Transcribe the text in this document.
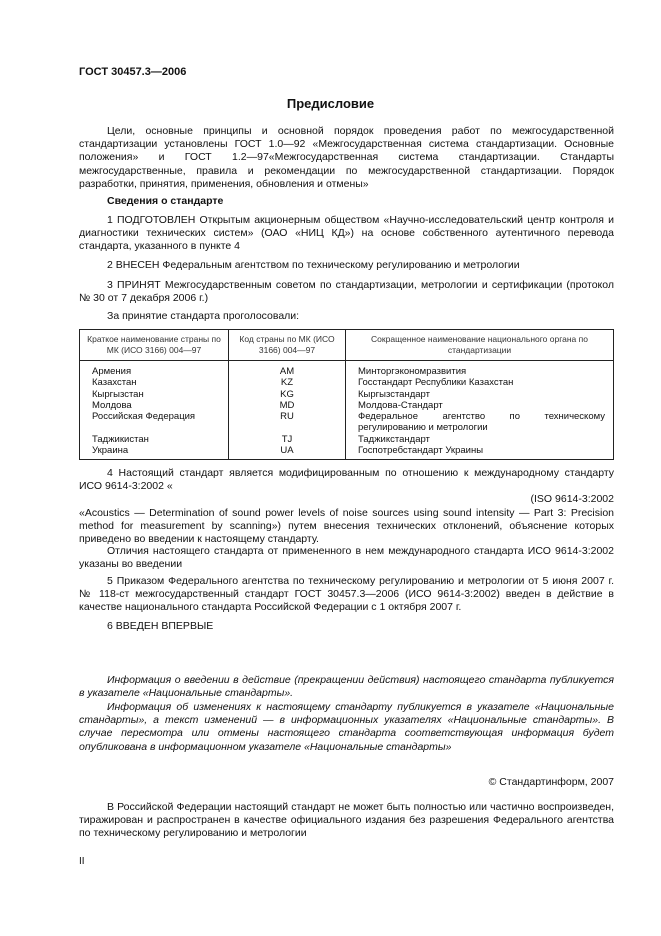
ГОСТ 30457.3—2006
Предисловие
Цели, основные принципы и основной порядок проведения работ по межгосударственной стандартизации установлены ГОСТ 1.0—92 «Межгосударственная система стандартизации. Основные положения» и ГОСТ 1.2—97«Межгосударственная система стандартизации. Стандарты межгосударственные, правила и рекомендации по межгосударственной стандартизации. Порядок разработки, принятия, применения, обновления и отмены»
Сведения о стандарте
1 ПОДГОТОВЛЕН Открытым акционерным обществом «Научно-исследовательский центр контроля и диагностики технических систем» (ОАО «НИЦ КД») на основе собственного аутентичного перевода стандарта, указанного в пункте 4
2 ВНЕСЕН Федеральным агентством по техническому регулированию и метрологии
3 ПРИНЯТ Межгосударственным советом по стандартизации, метрологии и сертификации (протокол № 30 от 7 декабря 2006 г.)
За принятие стандарта проголосовали:
Краткое наименование страны по МК (ИСО 3166) 004—97	Код страны по МК (ИСО 3166) 004—97	Сокращенное наименование национального органа по стандартизации
Армения	AM	Минторгэкономразвития
Казахстан	KZ	Госстандарт Республики Казахстан
Кыргызстан	KG	Кыргызстандарт
Молдова	MD	Молдова-Стандарт
Российская Федерация	RU	Федеральное агентство по техническому регулированию и метрологии
Таджикистан	TJ	Таджикстандарт
Украина	UA	Госпотребстандарт Украины
4 Настоящий стандарт является модифицированным по отношению к международному стандарту ИСО 9614-3:2002 «
(ISO 9614-3:2002
«Acoustics — Determination of sound power levels of noise sources using sound intensity — Part 3: Precision method for measurement by scanning») путем внесения технических отклонений, объяснение которых приведено во введении к настоящему стандарту.
Отличия настоящего стандарта от примененного в нем международного стандарта ИСО 9614-3:2002 указаны во введении
5 Приказом Федерального агентства по техническому регулированию и метрологии от 5 июня 2007 г. № 118-ст межгосударственный стандарт ГОСТ 30457.3—2006 (ИСО 9614-3:2002) введен в действие в качестве национального стандарта Российской Федерации с 1 октября 2007 г.
6 ВВЕДЕН ВПЕРВЫЕ
Информация о введении в действие (прекращении действия) настоящего стандарта публикуется в указателе «Национальные стандарты».
Информация об изменениях к настоящему стандарту публикуется в указателе «Национальные стандарты», а текст изменений — в информационных указателях «Национальные стандарты». В случае пересмотра или отмены настоящего стандарта соответствующая информация будет опубликована в информационном указателе «Национальные стандарты»
© Стандартинформ, 2007
В Российской Федерации настоящий стандарт не может быть полностью или частично воспроизведен, тиражирован и распространен в качестве официального издания без разрешения Федерального агентства по техническому регулированию и метрологии
II
